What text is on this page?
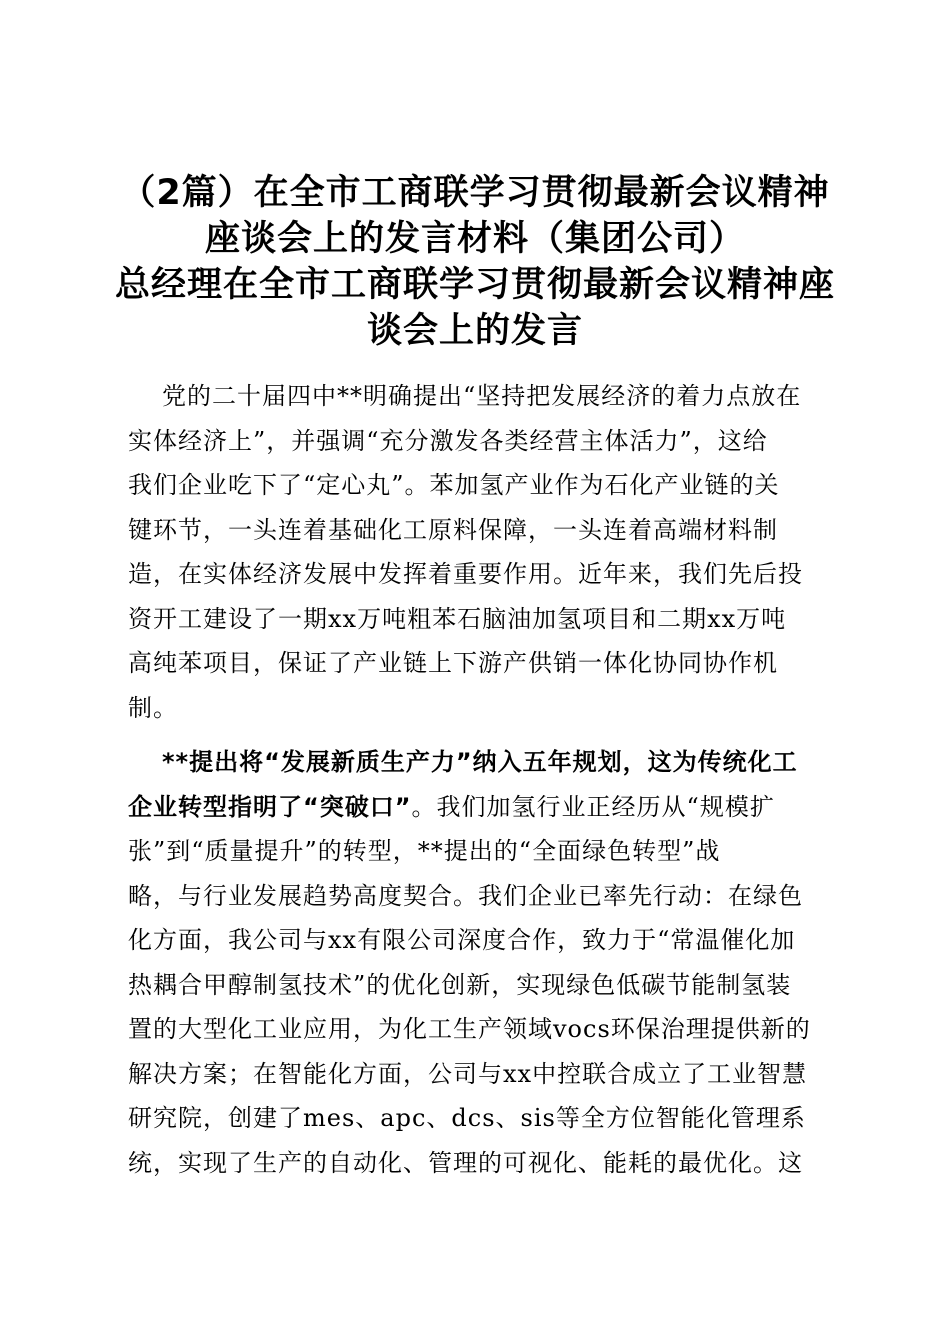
（2篇）在全市工商联学习贯彻最新会议精神
座谈会上的发言材料（集团公司）
总经理在全市工商联学习贯彻最新会议精神座
谈会上的发言
党的二十届四中**明确提出“坚持把发展经济的着力点放在
实体经济上”，并强调“充分激发各类经营主体活力”，这给
我们企业吃下了“定心丸”。苯加氢产业作为石化产业链的关
键环节，一头连着基础化工原料保障，一头连着高端材料制
造，在实体经济发展中发挥着重要作用。近年来，我们先后投
资开工建设了一期xx万吨粗苯石脑油加氢项目和二期xx万吨
高纯苯项目，保证了产业链上下游产供销一体化协同协作机
制。
**提出将“发展新质生产力”纳入五年规划，这为传统化工
企业转型指明了“突破口”。我们加氢行业正经历从“规模扩
张”到“质量提升”的转型，**提出的“全面绿色转型”战
略，与行业发展趋势高度契合。我们企业已率先行动：在绿色
化方面，我公司与xx有限公司深度合作，致力于“常温催化加
热耦合甲醇制氢技术”的优化创新，实现绿色低碳节能制氢装
置的大型化工业应用，为化工生产领域vocs环保治理提供新的
解决方案；在智能化方面，公司与xx中控联合成立了工业智慧
研究院，创建了mes、apc、dcs、sis等全方位智能化管理系
统，实现了生产的自动化、管理的可视化、能耗的最优化。这
